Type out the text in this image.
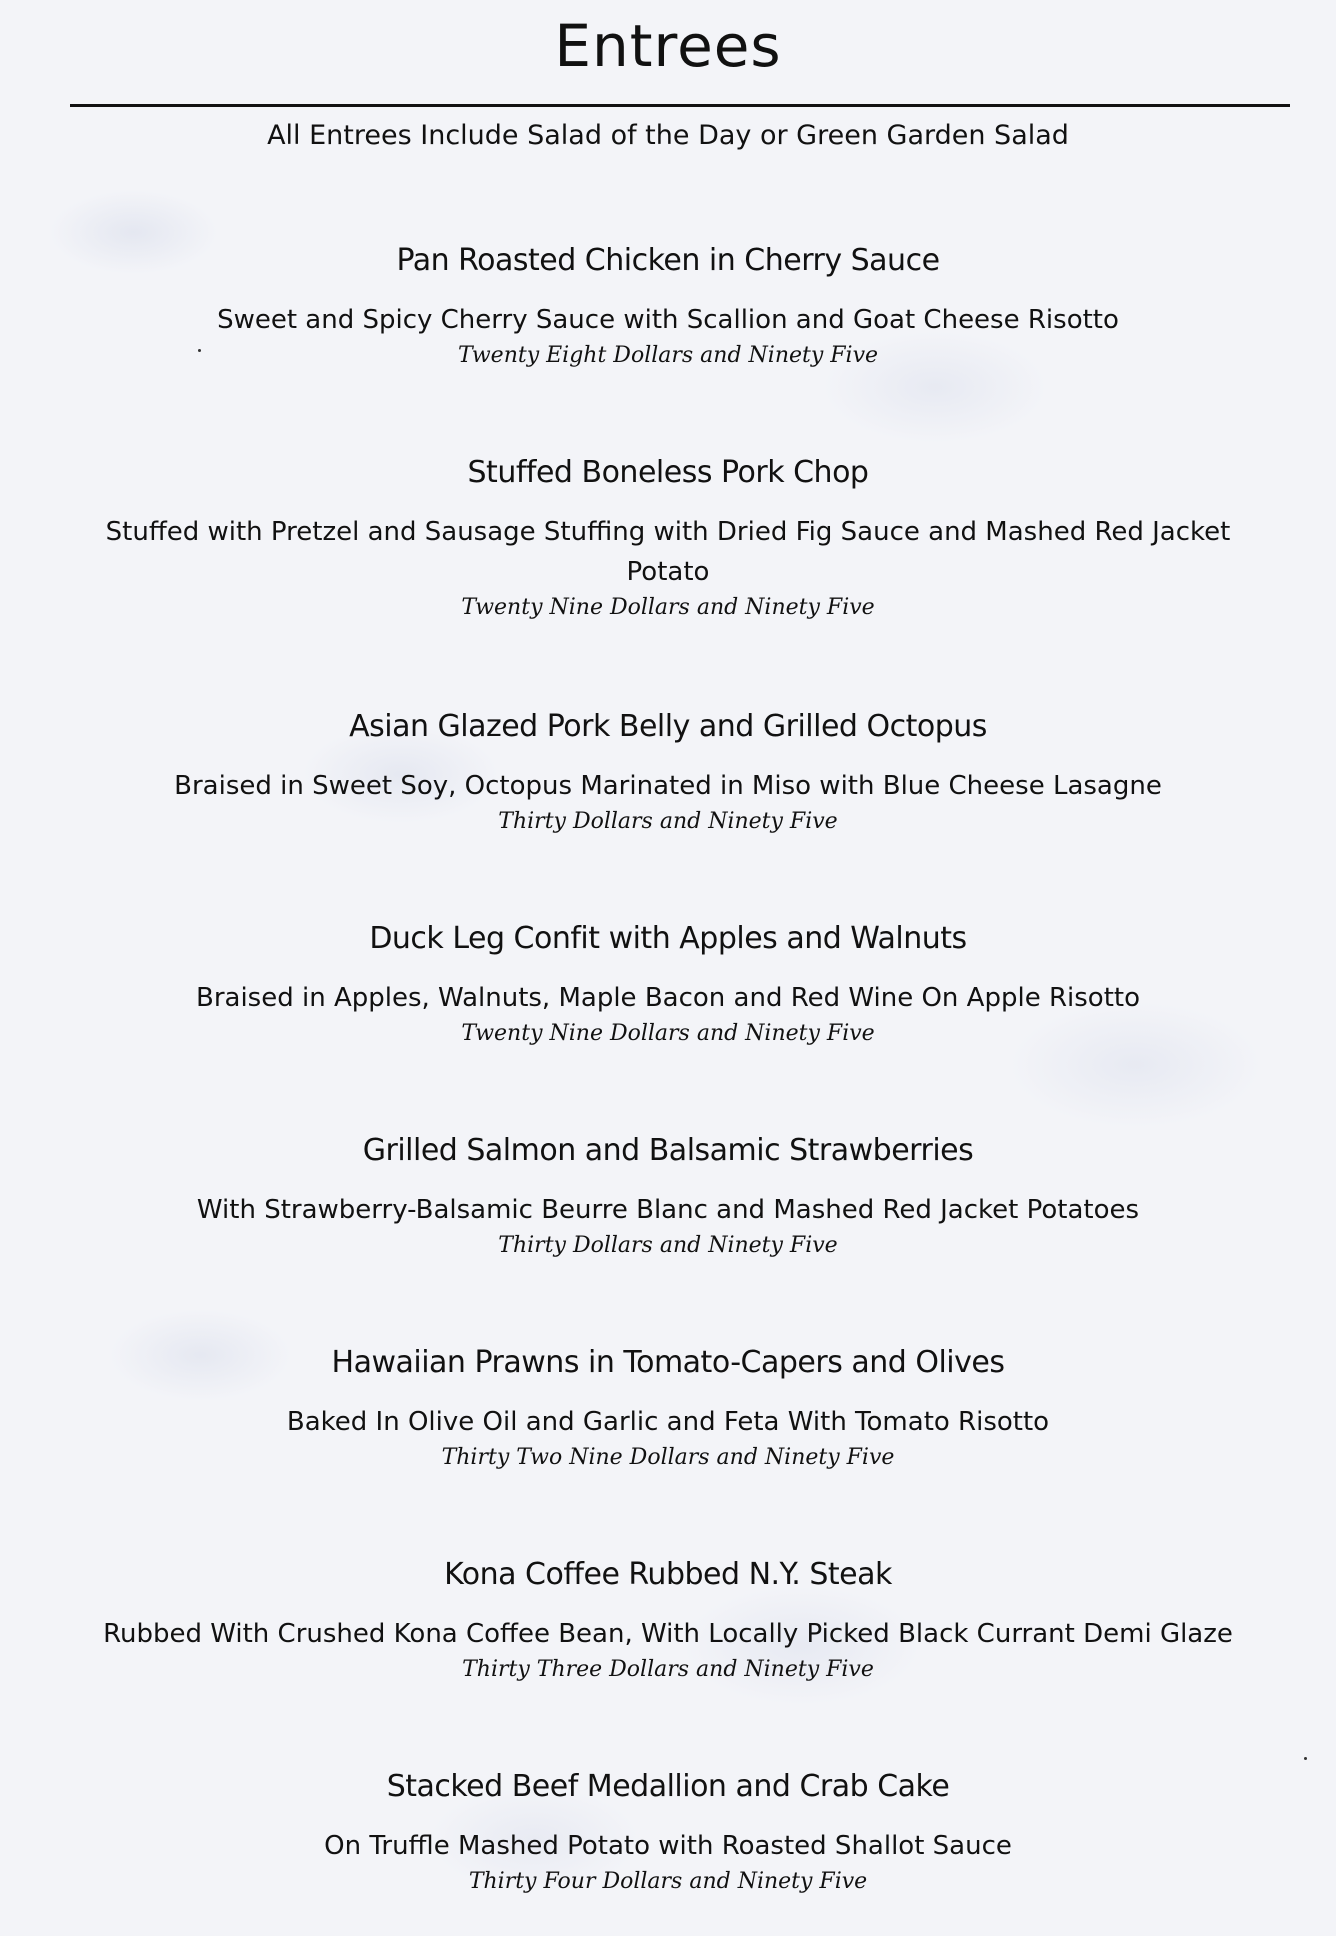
Entrees
All Entrees Include Salad of the Day or Green Garden Salad
Pan Roasted Chicken in Cherry Sauce
Sweet and Spicy Cherry Sauce with Scallion and Goat Cheese Risotto
Twenty Eight Dollars and Ninety Five
Stuffed Boneless Pork Chop
Stuffed with Pretzel and Sausage Stuffing with Dried Fig Sauce and Mashed Red Jacket Potato
Twenty Nine Dollars and Ninety Five
Asian Glazed Pork Belly and Grilled Octopus
Braised in Sweet Soy, Octopus Marinated in Miso with Blue Cheese Lasagne
Thirty Dollars and Ninety Five
Duck Leg Confit with Apples and Walnuts
Braised in Apples, Walnuts, Maple Bacon and Red Wine On Apple Risotto
Twenty Nine Dollars and Ninety Five
Grilled Salmon and Balsamic Strawberries
With Strawberry-Balsamic Beurre Blanc and Mashed Red Jacket Potatoes
Thirty Dollars and Ninety Five
Hawaiian Prawns in Tomato-Capers and Olives
Baked In Olive Oil and Garlic and Feta With Tomato Risotto
Thirty Two Nine Dollars and Ninety Five
Kona Coffee Rubbed N.Y. Steak
Rubbed With Crushed Kona Coffee Bean, With Locally Picked Black Currant Demi Glaze
Thirty Three Dollars and Ninety Five
Stacked Beef Medallion and Crab Cake
On Truffle Mashed Potato with Roasted Shallot Sauce
Thirty Four Dollars and Ninety Five
